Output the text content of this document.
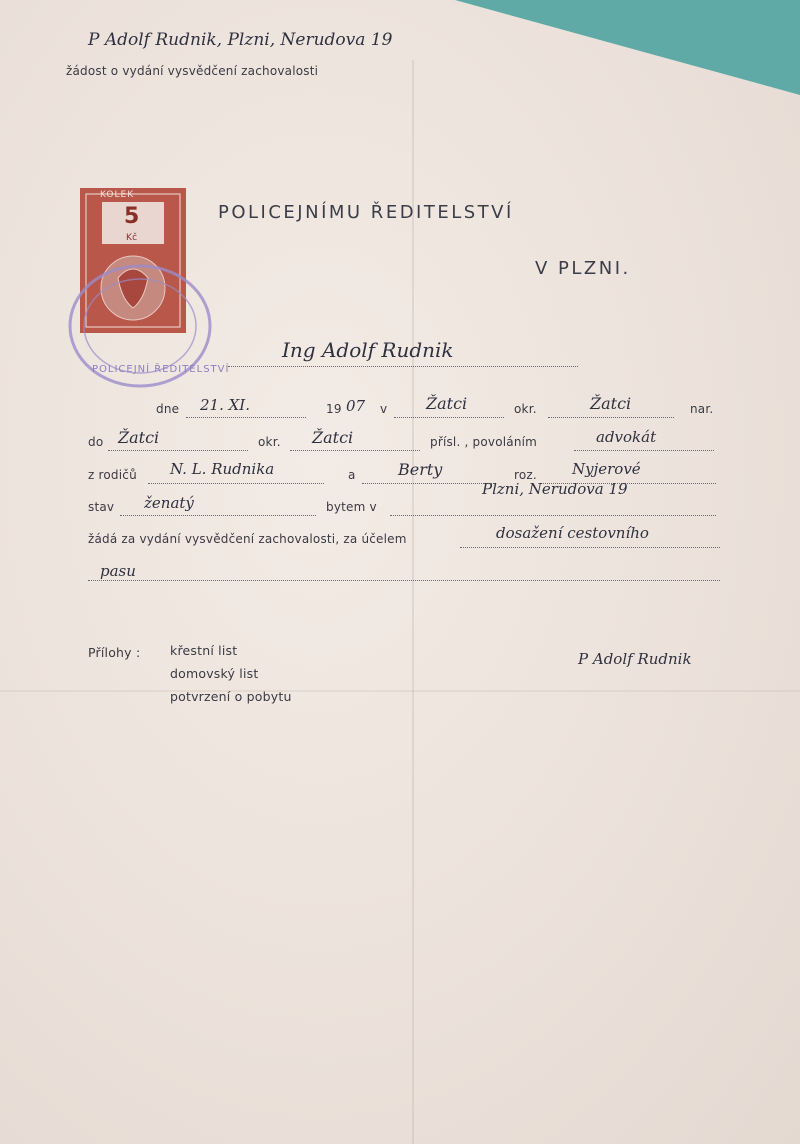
P Adolf Rudnik, Plzni, Nerudova 19
žádost o vydání vysvědčení zachovalosti
KOLEK
5
Kč
POLICEJNÍ ŘEDITELSTVÍ
POLICEJNÍMU ŘEDITELSTVÍ
V PLZNI.
Ing Adolf Rudnik
dne 21. XI.	19 07 v Žatci	okr.	Žatci	nar.
do Žatci	okr. Žatci	přísl. , povoláním	advokát
z rodičů N. L. Rudnika	a	Berty	roz. Nyjerové
stav ženatý	bytem v
Plzni, Nerudova 19
žádá za vydání vysvědčení zachovalosti, za účelem	dosažení cestovního
pasu
Přílohy : křestní list
domovský list
potvrzení o pobytu
P Adolf Rudnik
